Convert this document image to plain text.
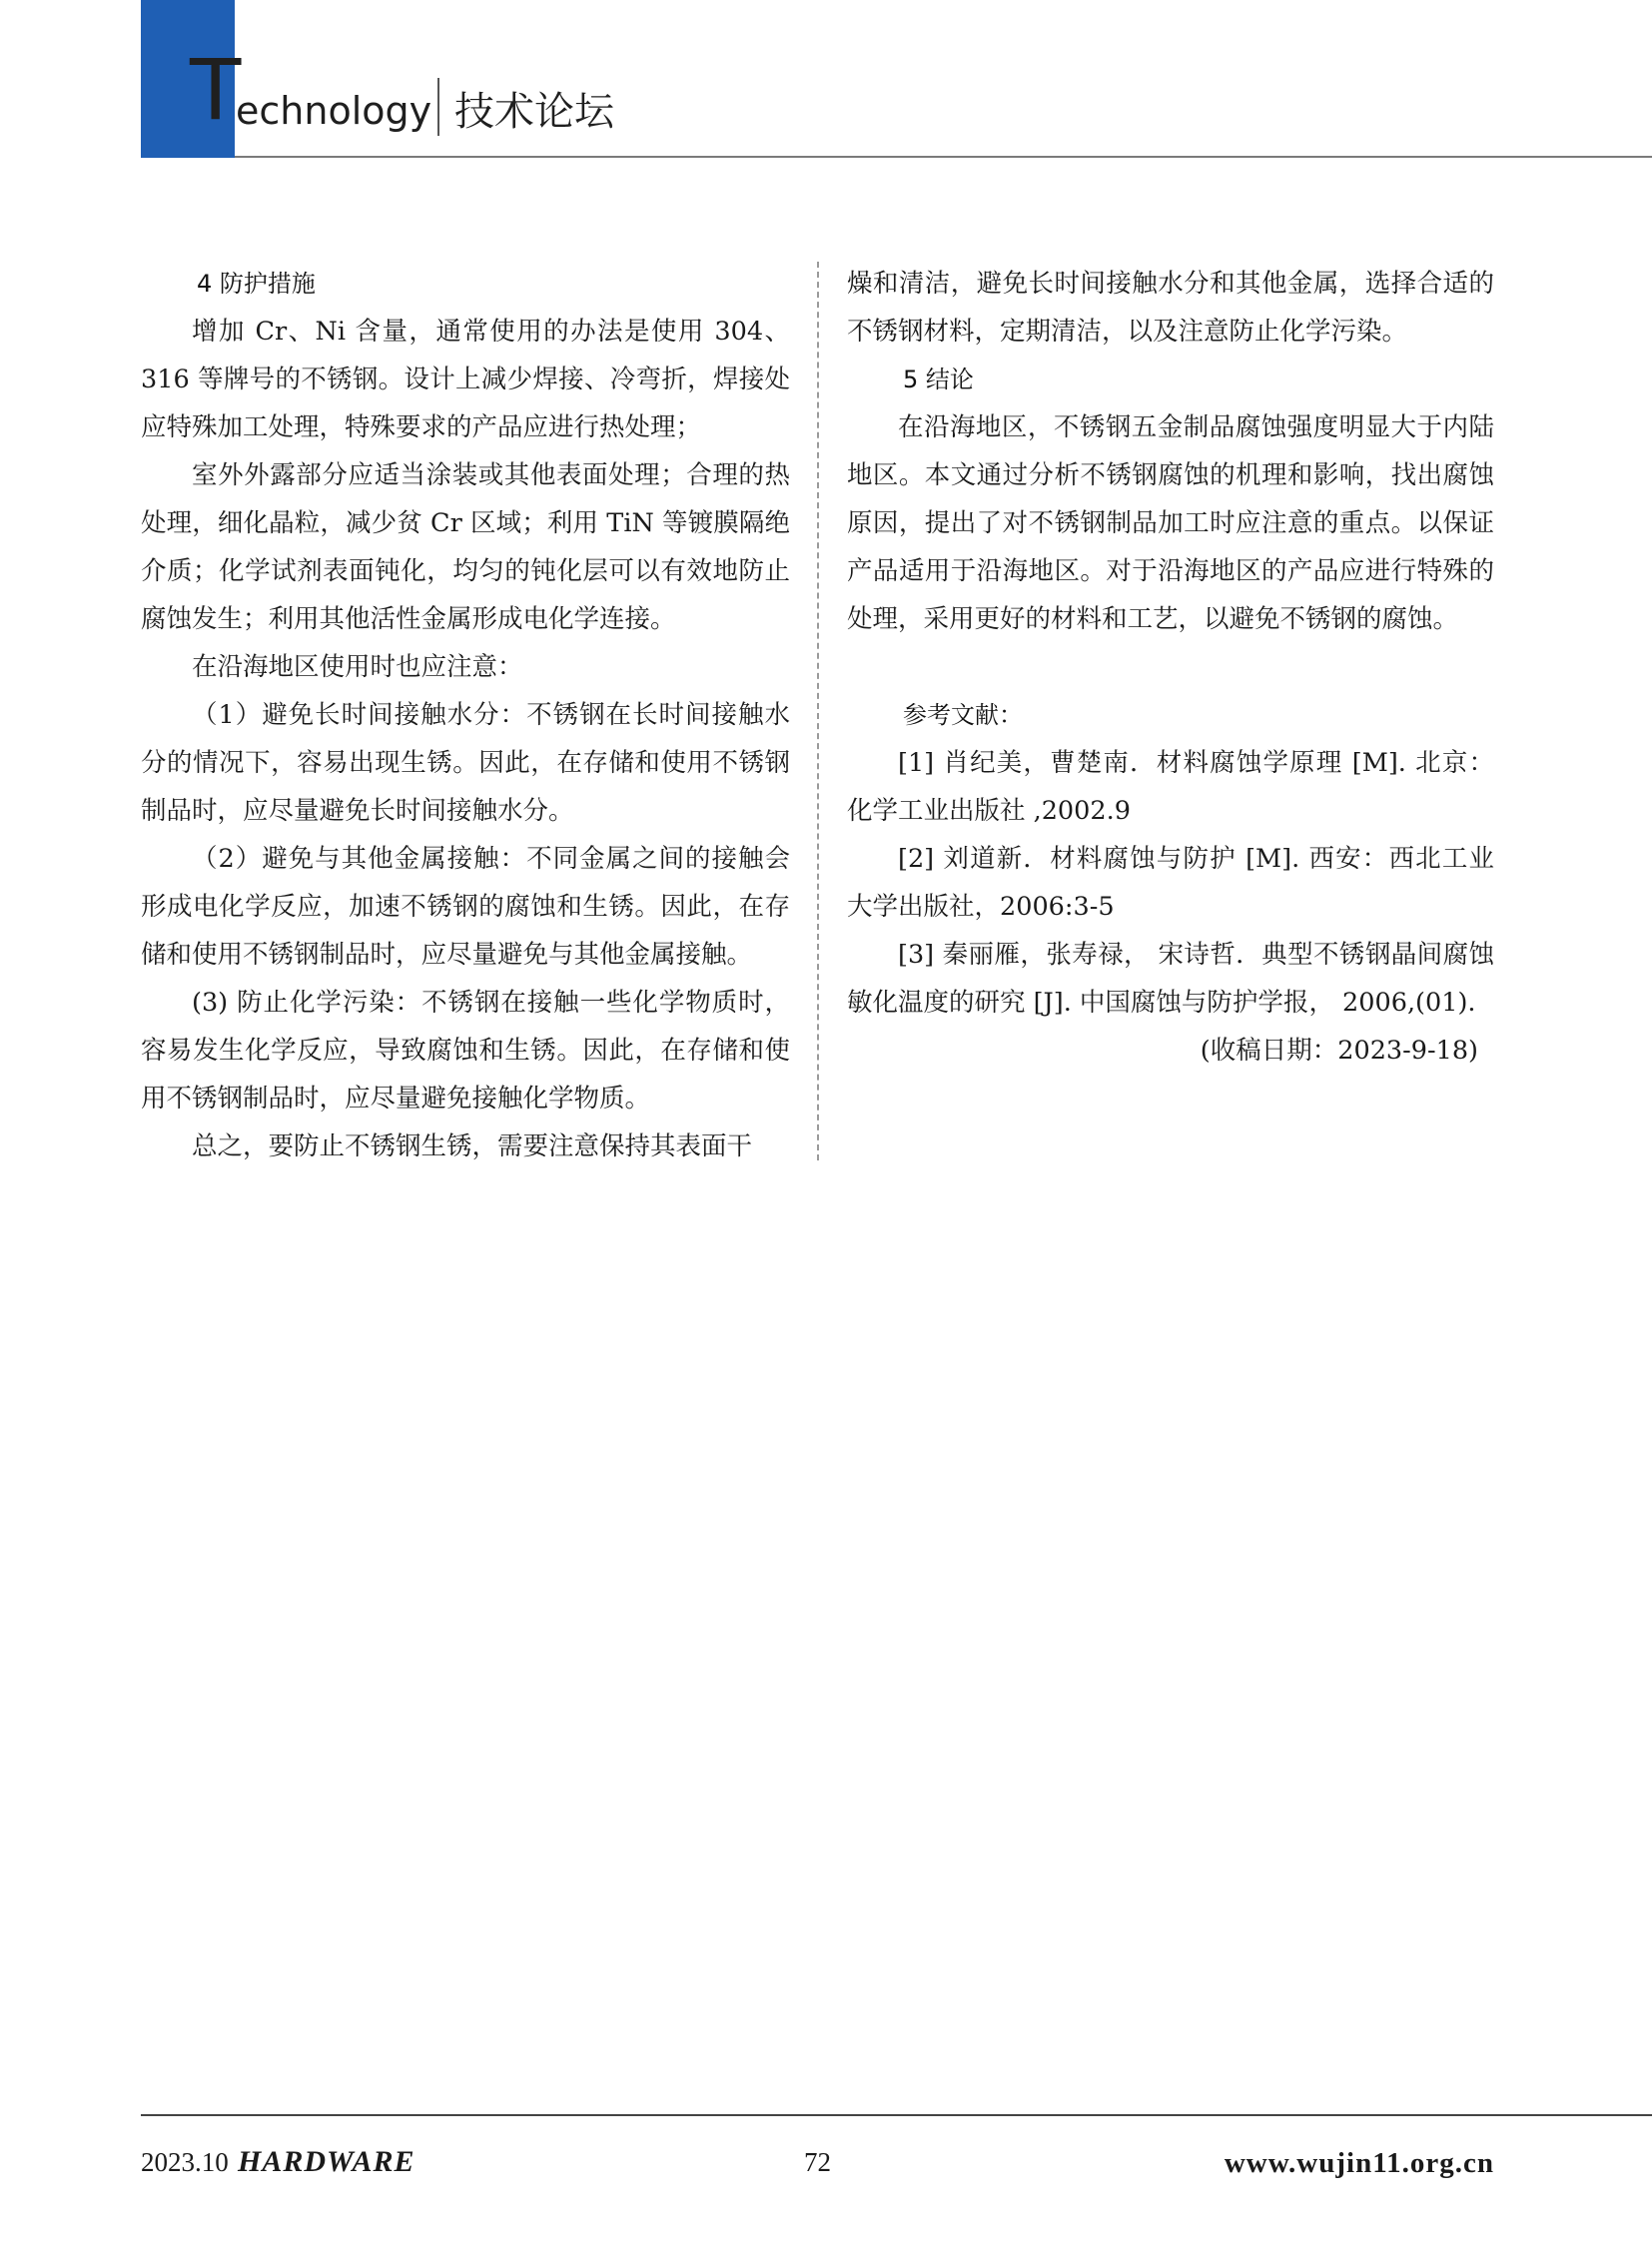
T
echnology 技术论坛
4 防护措施

增加 Cr、Ni 含量，通常使用的办法是使用 304、316 等牌号的不锈钢。设计上减少焊接、冷弯折，焊接处应特殊加工处理，特殊要求的产品应进行热处理；

室外外露部分应适当涂装或其他表面处理；合理的热处理，细化晶粒，减少贫 Cr 区域；利用 TiN 等镀膜隔绝介质；化学试剂表面钝化，均匀的钝化层可以有效地防止腐蚀发生；利用其他活性金属形成电化学连接。

在沿海地区使用时也应注意：

（1）避免长时间接触水分：不锈钢在长时间接触水分的情况下，容易出现生锈。因此，在存储和使用不锈钢制品时，应尽量避免长时间接触水分。

（2）避免与其他金属接触：不同金属之间的接触会形成电化学反应，加速不锈钢的腐蚀和生锈。因此，在存储和使用不锈钢制品时，应尽量避免与其他金属接触。

(3) 防止化学污染：不锈钢在接触一些化学物质时，容易发生化学反应，导致腐蚀和生锈。因此，在存储和使用不锈钢制品时，应尽量避免接触化学物质。

总之，要防止不锈钢生锈，需要注意保持其表面干

燥和清洁，避免长时间接触水分和其他金属，选择合适的不锈钢材料，定期清洁，以及注意防止化学污染。

5 结论

在沿海地区，不锈钢五金制品腐蚀强度明显大于内陆地区。本文通过分析不锈钢腐蚀的机理和影响，找出腐蚀原因，提出了对不锈钢制品加工时应注意的重点。以保证产品适用于沿海地区。对于沿海地区的产品应进行特殊的处理，采用更好的材料和工艺，以避免不锈钢的腐蚀。

参考文献：

[1] 肖纪美，曹楚南．材料腐蚀学原理 [M]. 北京：化学工业出版社 ,2002.9

[2] 刘道新．材料腐蚀与防护 [M]. 西安：西北工业大学出版社，2006:3-5

[3] 秦丽雁，张寿禄， 宋诗哲．典型不锈钢晶间腐蚀敏化温度的研究 [J]. 中国腐蚀与防护学报， 2006,(01).

(收稿日期：2023-9-18)

2023.10 HARDWARE	72	www.wujin11.org.cn
